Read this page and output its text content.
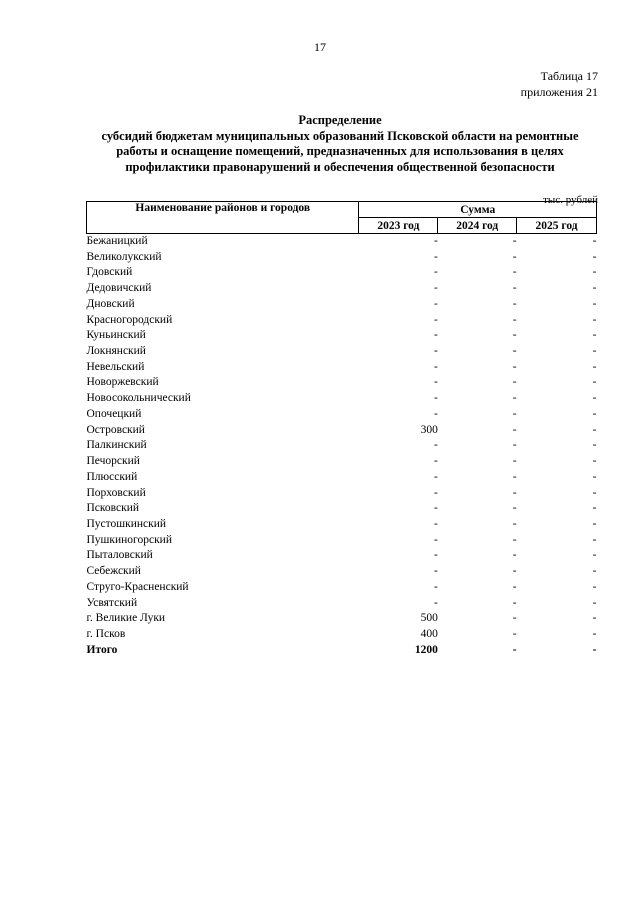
17
Таблица 17
приложения 21
Распределение
субсидий бюджетам муниципальных образований Псковской области на ремонтные
работы и оснащение помещений, предназначенных для использования в целях
профилактики правонарушений и обеспечения общественной безопасности
тыс. рублей
Наименование районов и городов	Сумма		
	2023 год	2024 год	2025 год
Бежаницкий	-	-	-
Великолукский	-	-	-
Гдовский	-	-	-
Дедовичский	-	-	-
Дновский	-	-	-
Красногородский	-	-	-
Куньинский	-	-	-
Локнянский	-	-	-
Невельский	-	-	-
Новоржевский	-	-	-
Новосокольнический	-	-	-
Опочецкий	-	-	-
Островский	300	-	-
Палкинский	-	-	-
Печорский	-	-	-
Плюсский	-	-	-
Порховский	-	-	-
Псковский	-	-	-
Пустошкинский	-	-	-
Пушкиногорский	-	-	-
Пыталовский	-	-	-
Себежский	-	-	-
Струго-Красненский	-	-	-
Усвятский	-	-	-
г. Великие Луки	500	-	-
г. Псков	400	-	-
Итого	1200	-	-
